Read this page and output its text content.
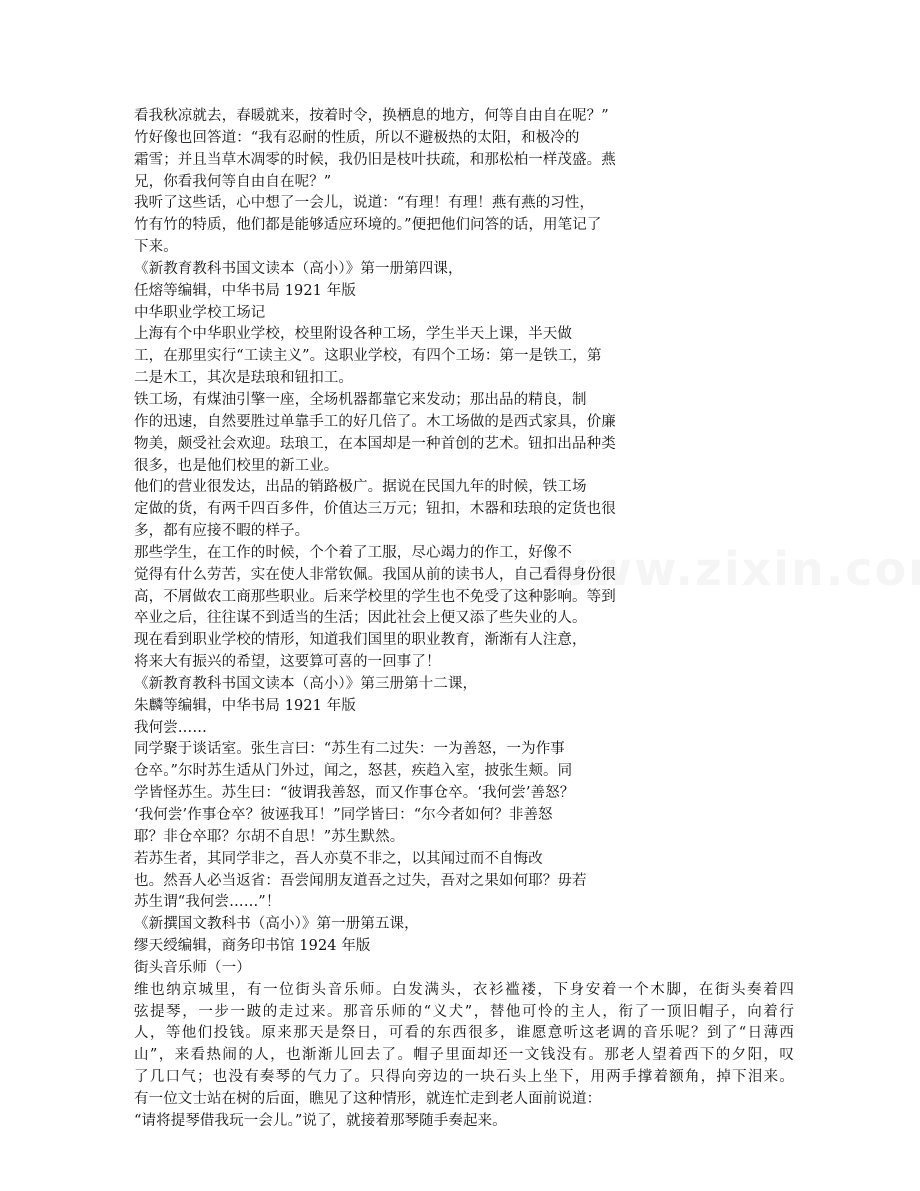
看我秋凉就去，春暖就来，按着时令，换栖息的地方，何等自由自在呢？”
竹好像也回答道：“我有忍耐的性质，所以不避极热的太阳，和极冷的
霜雪；并且当草木凋零的时候，我仍旧是枝叶扶疏，和那松柏一样茂盛。燕
兄，你看我何等自由自在呢？”
我听了这些话，心中想了一会儿，说道：“有理！有理！燕有燕的习性，
竹有竹的特质，他们都是能够适应环境的。”便把他们问答的话，用笔记了
下来。
《新教育教科书国文读本（高小）》第一册第四课，
任熔等编辑，中华书局 1921 年版
中华职业学校工场记
上海有个中华职业学校，校里附设各种工场，学生半天上课，半天做
工，在那里实行“工读主义”。这职业学校，有四个工场：第一是铁工，第
二是木工，其次是珐琅和钮扣工。
铁工场，有煤油引擎一座，全场机器都靠它来发动；那出品的精良，制
作的迅速，自然要胜过单靠手工的好几倍了。木工场做的是西式家具，价廉
物美，颇受社会欢迎。珐琅工，在本国却是一种首创的艺术。钮扣出品种类
很多，也是他们校里的新工业。
他们的营业很发达，出品的销路极广。据说在民国九年的时候，铁工场
定做的货，有两千四百多件，价值达三万元；钮扣，木器和珐琅的定货也很
多，都有应接不暇的样子。
那些学生，在工作的时候，个个着了工服，尽心竭力的作工，好像不
觉得有什么劳苦，实在使人非常钦佩。我国从前的读书人，自己看得身份很
高，不屑做农工商那些职业。后来学校里的学生也不免受了这种影响。等到
卒业之后，往往谋不到适当的生活；因此社会上便又添了些失业的人。
现在看到职业学校的情形，知道我们国里的职业教育，渐渐有人注意，
将来大有振兴的希望，这要算可喜的一回事了！
《新教育教科书国文读本（高小）》第三册第十二课，
朱麟等编辑，中华书局 1921 年版
我何尝……
同学聚于谈话室。张生言曰：“苏生有二过失：一为善怒，一为作事
仓卒。”尔时苏生适从门外过，闻之，怒甚，疾趋入室，披张生颊。同
学皆怪苏生。苏生曰：“彼谓我善怒，而又作事仓卒。‘我何尝’善怒？
‘我何尝’作事仓卒？彼诬我耳！”同学皆曰：“尔今者如何？非善怒
耶？非仓卒耶？尔胡不自思！”苏生默然。
若苏生者，其同学非之，吾人亦莫不非之，以其闻过而不自悔改
也。然吾人必当返省：吾尝闻朋友道吾之过失，吾对之果如何耶？毋若
苏生谓“我何尝……”！
《新撰国文教科书（高小）》第一册第五课，
缪天绶编辑，商务印书馆 1924 年版
街头音乐师（一）
维也纳京城里，有一位街头音乐师。白发满头，衣衫褴褛，下身安着一个木脚，在街头奏着四
弦提琴，一步一跛的走过来。那音乐师的“义犬”，替他可怜的主人，衔了一顶旧帽子，向着行
人，等他们投钱。原来那天是祭日，可看的东西很多，谁愿意听这老调的音乐呢？到了“日薄西
山”，来看热闹的人，也渐渐儿回去了。帽子里面却还一文钱没有。那老人望着西下的夕阳，叹
了几口气；也没有奏琴的气力了。只得向旁边的一块石头上坐下，用两手撑着额角，掉下泪来。
有一位文士站在树的后面，瞧见了这种情形，就连忙走到老人面前说道：
“请将提琴借我玩一会儿。”说了，就接着那琴随手奏起来。
